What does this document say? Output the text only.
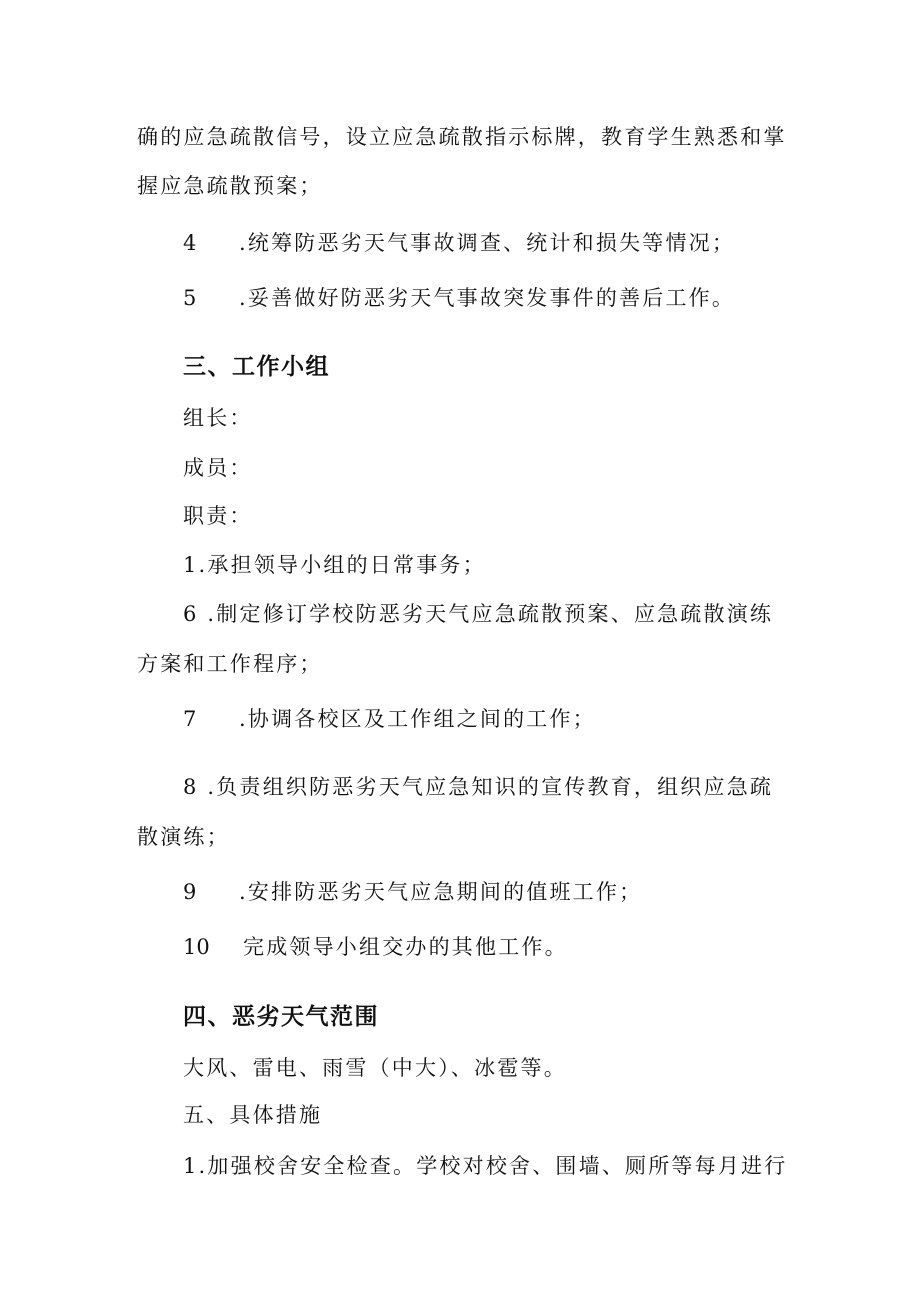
确的应急疏散信号，设立应急疏散指示标牌，教育学生熟悉和掌
握应急疏散预案；
4 .统筹防恶劣天气事故调查、统计和损失等情况；
5 .妥善做好防恶劣天气事故突发事件的善后工作。
三、工作小组
组长：
成员：
职责：
1.承担领导小组的日常事务；
6 .制定修订学校防恶劣天气应急疏散预案、应急疏散演练
方案和工作程序；
7 .协调各校区及工作组之间的工作；
8 .负责组织防恶劣天气应急知识的宣传教育，组织应急疏
散演练；
9 .安排防恶劣天气应急期间的值班工作；
10 完成领导小组交办的其他工作。
四、恶劣天气范围
大风、雷电、雨雪（中大）、冰雹等。
五、具体措施
1.加强校舍安全检查。学校对校舍、围墙、厕所等每月进行
